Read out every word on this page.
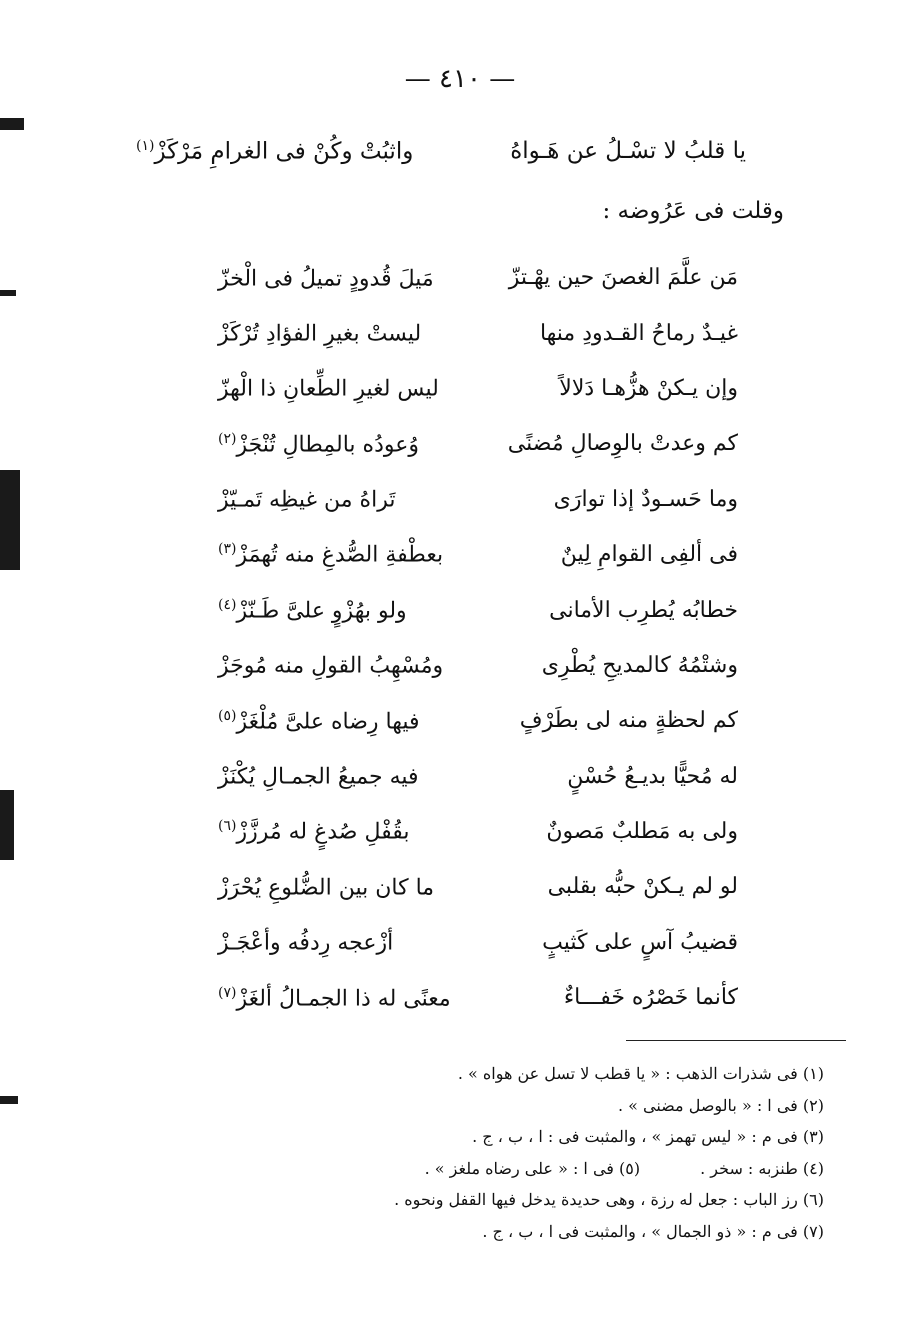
— ٤١٠ —
يا قلبُ لا تسْـلُ عن هَـواهُ
واثبُتْ وكُنْ فى الغرامِ مَرْكَزْ$^{(١)}$
وقلت فى عَرُوضه :
مَن علَّمَ الغصنَ حين يهْـتزّ
مَيلَ قُدودٍ تميلُ فى الْخزّ
غيـدٌ رماحُ القـدودِ منها
ليستْ بغيرِ الفؤادِ تُرْكَزْ
وإن يـكنْ هزُّهـا دَلالاً
ليس لغيرِ الطِّعانِ ذا الْهزّ
كم وعدتْ بالوِصالِ مُضنًى
وُعودُه بالمِطالِ تُنْجَزْ$^{(٢)}$
وما حَسـودٌ إذا توارَى
تَراهُ من غيظِه تَمـيّزْ
فى ألفِى القوامِ لِينٌ
بعطْفةِ الصُّدغِ منه تُهمَزْ$^{(٣)}$
خطابُه يُطرِب الأمانى
ولو بهُزْوٍ علىَّ طَـنّزْ$^{(٤)}$
وشتْمُهُ كالمديحِ يُطْرِى
ومُسْهِبُ القولِ منه مُوجَزْ
كم لحظةٍ منه لى بطَرْفٍ
فيها رِضاه علىَّ مُلْغَزْ$^{(٥)}$
له مُحيًّا بديـعُ حُسْنٍ
فيه جميعُ الجمـالِ يُكْنَزْ
ولى به مَطلبٌ مَصونٌ
بقُفْلِ صُدغٍ له مُرزَّزْ$^{(٦)}$
لو لم يـكنْ حبُّه بقلبى
ما كان بين الضُّلوعِ يُحْرَزْ
قضيبُ آسٍ على كَثيبٍ
أزْعجه رِدفُه وأعْجَـزْ
كأنما خَصْرُه خَفـــاءٌ
معنًى له ذا الجمـالُ ألغَزْ$^{(٧)}$
(١) فى شذرات الذهب : « يا قطب لا تسل عن هواه » .
(٢) فى ا : « بالوصل مضنى » .
(٣) فى م : « ليس تهمز » ، والمثبت فى : ا ، ب ، ج .
(٤) طنزبه : سخر .(٥) فى ا : « على رضاه ملغز » .
(٦) رز الباب : جعل له رزة ، وهى حديدة يدخل فيها القفل ونحوه .
(٧) فى م : « ذو الجمال » ، والمثبت فى ا ، ب ، ج .
